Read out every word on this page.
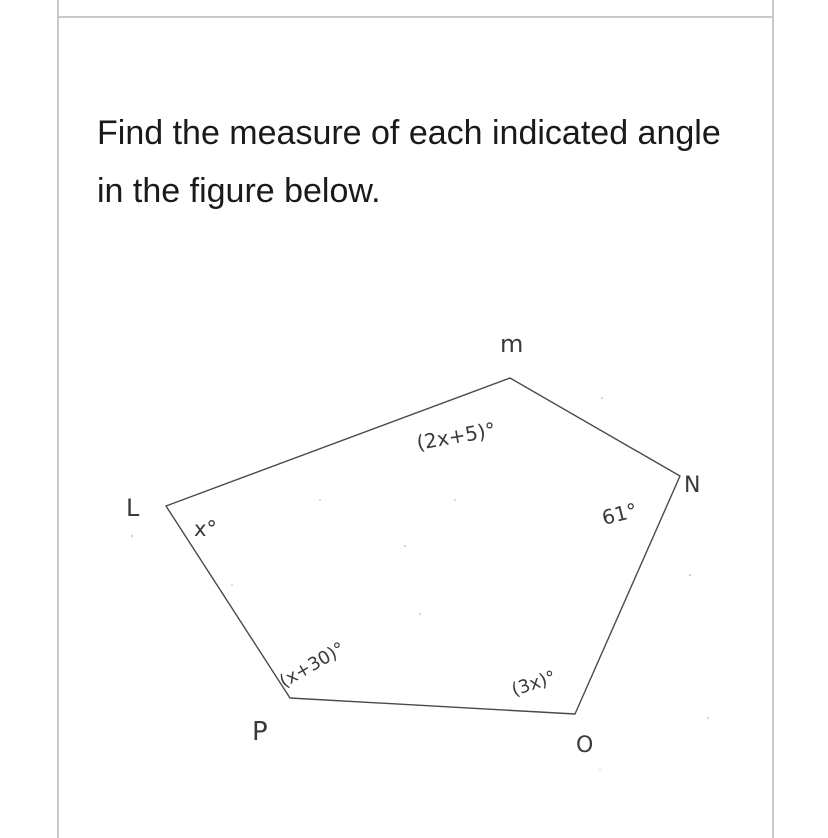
Find the measure of each indicated angle in the figure below.

L
m
N
O
P
x°
(2x+5)°
61°
(3x)°
(x+30)°
